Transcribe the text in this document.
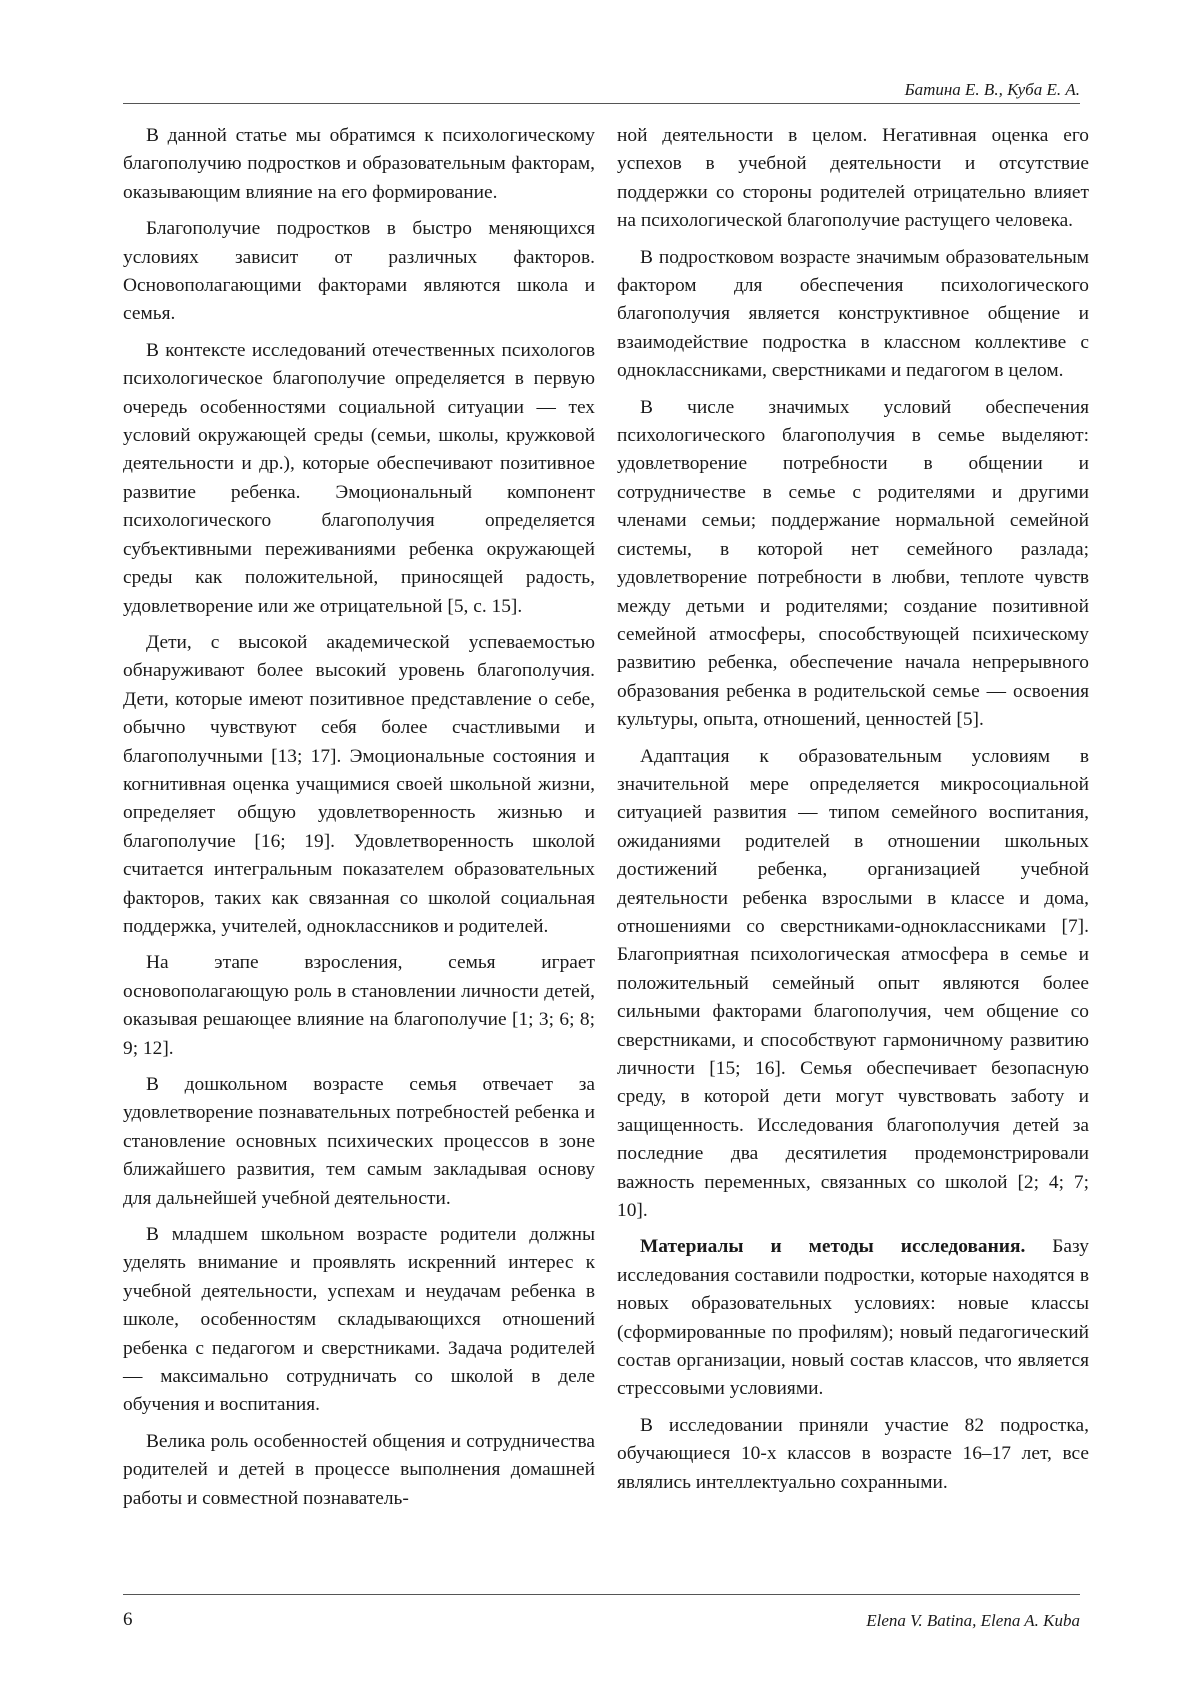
Батина Е. В., Куба Е. А.

В данной статье мы обратимся к психологическому благополучию подростков и образовательным факторам, оказывающим влияние на его формирование.

Благополучие подростков в быстро меняющихся условиях зависит от различных факторов. Основополагающими факторами являются школа и семья.

В контексте исследований отечественных психологов психологическое благополучие определяется в первую очередь особенностями социальной ситуации — тех условий окружающей среды (семьи, школы, кружковой деятельности и др.), которые обеспечивают позитивное развитие ребенка. Эмоциональный компонент психологического благополучия определяется субъективными переживаниями ребенка окружающей среды как положительной, приносящей радость, удовлетворение или же отрицательной [5, с. 15].

Дети, с высокой академической успеваемостью обнаруживают более высокий уровень благополучия. Дети, которые имеют позитивное представление о себе, обычно чувствуют себя более счастливыми и благополучными [13; 17]. Эмоциональные состояния и когнитивная оценка учащимися своей школьной жизни, определяет общую удовлетворенность жизнью и благополучие [16; 19]. Удовлетворенность школой считается интегральным показателем образовательных факторов, таких как связанная со школой социальная поддержка, учителей, одноклассников и родителей.

На этапе взросления, семья играет основополагающую роль в становлении личности детей, оказывая решающее влияние на благополучие [1; 3; 6; 8; 9; 12].

В дошкольном возрасте семья отвечает за удовлетворение познавательных потребностей ребенка и становление основных психических процессов в зоне ближайшего развития, тем самым закладывая основу для дальнейшей учебной деятельности.

В младшем школьном возрасте родители должны уделять внимание и проявлять искренний интерес к учебной деятельности, успехам и неудачам ребенка в школе, особенностям складывающихся отношений ребенка с педагогом и сверстниками. Задача родителей — максимально сотрудничать со школой в деле обучения и воспитания.

Велика роль особенностей общения и сотрудничества родителей и детей в процессе выполнения домашней работы и совместной познаватель-

ной деятельности в целом. Негативная оценка его успехов в учебной деятельности и отсутствие поддержки со стороны родителей отрицательно влияет на психологической благополучие растущего человека.

В подростковом возрасте значимым образовательным фактором для обеспечения психологического благополучия является конструктивное общение и взаимодействие подростка в классном коллективе с одноклассниками, сверстниками и педагогом в целом.

В числе значимых условий обеспечения психологического благополучия в семье выделяют: удовлетворение потребности в общении и сотрудничестве в семье с родителями и другими членами семьи; поддержание нормальной семейной системы, в которой нет семейного разлада; удовлетворение потребности в любви, теплоте чувств между детьми и родителями; создание позитивной семейной атмосферы, способствующей психическому развитию ребенка, обеспечение начала непрерывного образования ребенка в родительской семье — освоения культуры, опыта, отношений, ценностей [5].

Адаптация к образовательным условиям в значительной мере определяется микросоциальной ситуацией развития — типом семейного воспитания, ожиданиями родителей в отношении школьных достижений ребенка, организацией учебной деятельности ребенка взрослыми в классе и дома, отношениями со сверстниками-одноклассниками [7]. Благоприятная психологическая атмосфера в семье и положительный семейный опыт являются более сильными факторами благополучия, чем общение со сверстниками, и способствуют гармоничному развитию личности [15; 16]. Семья обеспечивает безопасную среду, в которой дети могут чувствовать заботу и защищенность. Исследования благополучия детей за последние два десятилетия продемонстрировали важность переменных, связанных со школой [2; 4; 7; 10].

Материалы и методы исследования. Базу исследования составили подростки, которые находятся в новых образовательных условиях: новые классы (сформированные по профилям); новый педагогический состав организации, новый состав классов, что является стрессовыми условиями.

В исследовании приняли участие 82 подростка, обучающиеся 10-х классов в возрасте 16–17 лет, все являлись интеллектуально сохранными.

6	Elena V. Batina, Elena A. Kuba
